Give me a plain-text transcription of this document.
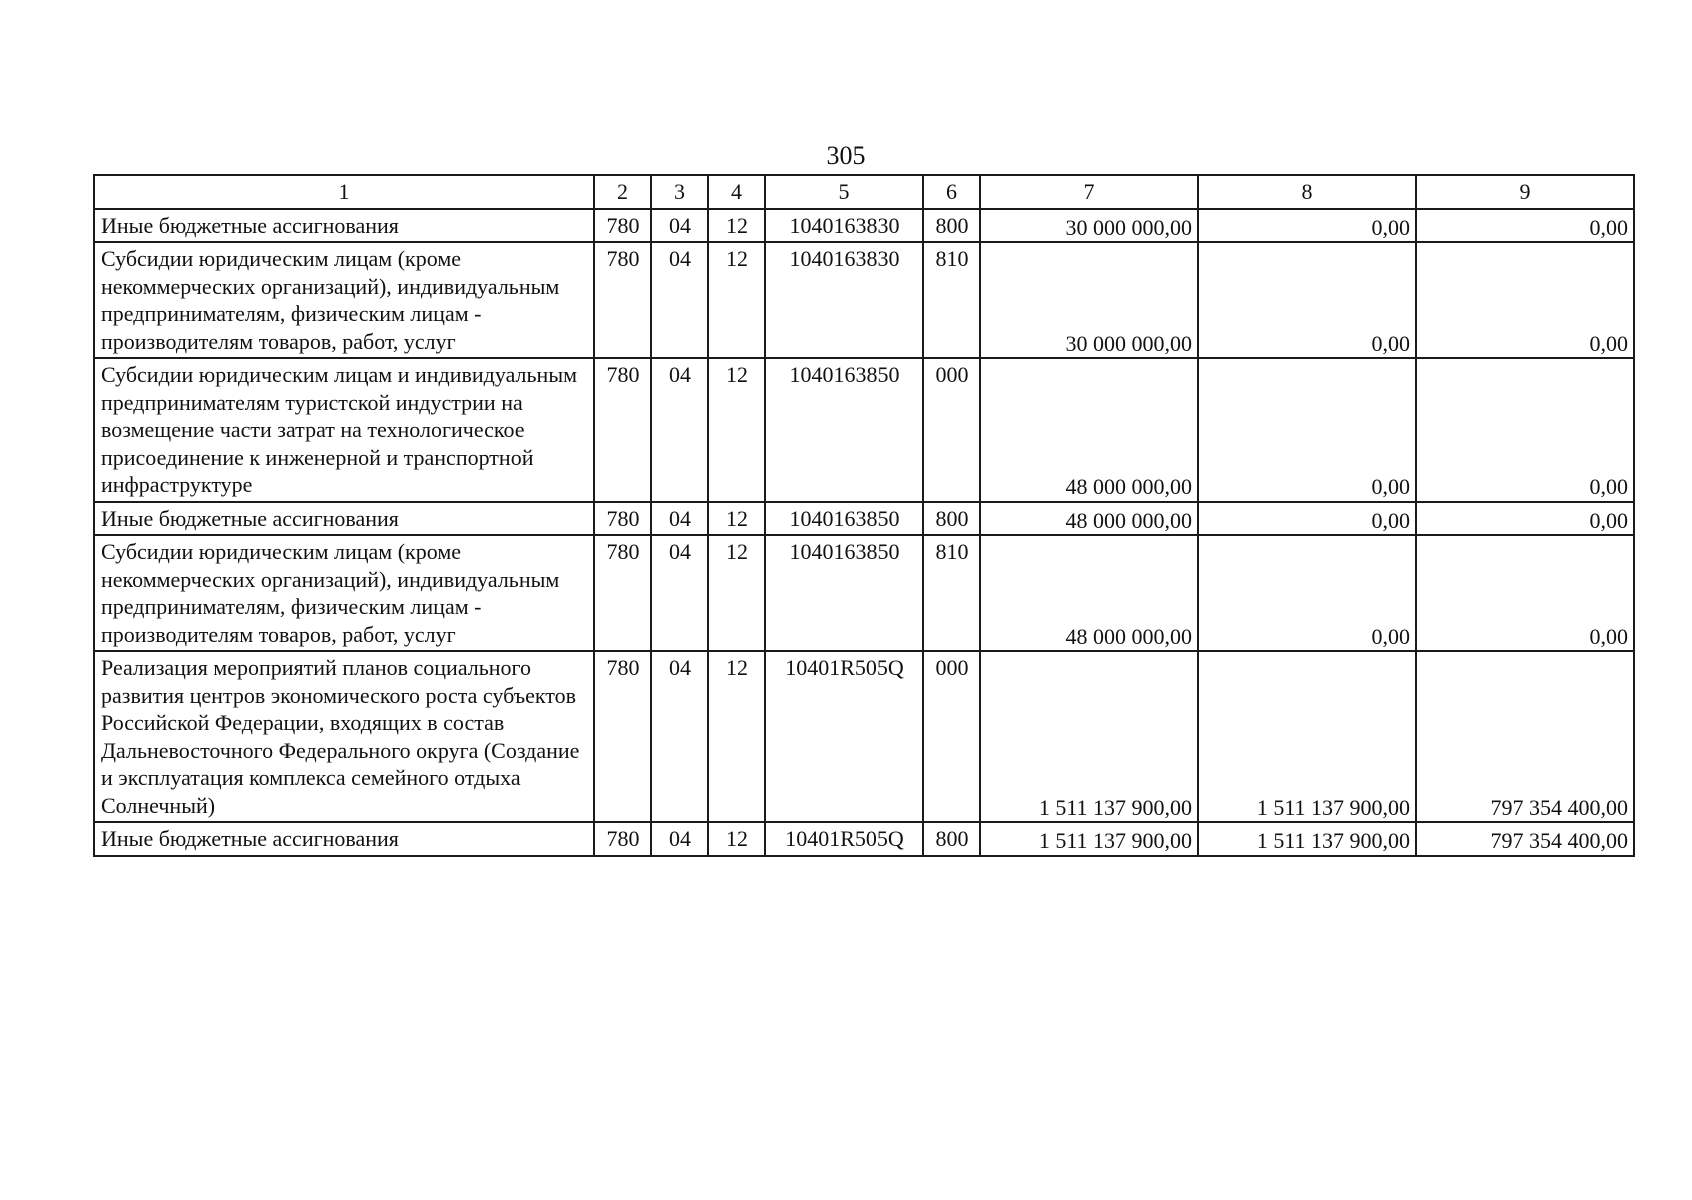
305
1	2	3	4	5	6	7	8	9
Иные бюджетные ассигнования	780	04	12	1040163830	800	30 000 000,00	0,00	0,00
Субсидии юридическим лицам (кроме некоммерческих организаций), индивидуальным предпринимателям, физическим лицам - производителям товаров, работ, услуг	780	04	12	1040163830	810	30 000 000,00	0,00	0,00
Субсидии юридическим лицам и индивидуальным предпринимателям туристской индустрии на возмещение части затрат на технологическое присоединение к инженерной и транспортной инфраструктуре	780	04	12	1040163850	000	48 000 000,00	0,00	0,00
Иные бюджетные ассигнования	780	04	12	1040163850	800	48 000 000,00	0,00	0,00
Субсидии юридическим лицам (кроме некоммерческих организаций), индивидуальным предпринимателям, физическим лицам - производителям товаров, работ, услуг	780	04	12	1040163850	810	48 000 000,00	0,00	0,00
Реализация мероприятий планов социального развития центров экономического роста субъектов Российской Федерации, входящих в состав Дальневосточного Федерального округа (Создание и эксплуатация комплекса семейного отдыха Солнечный)	780	04	12	10401R505Q	000	1 511 137 900,00	1 511 137 900,00	797 354 400,00
Иные бюджетные ассигнования	780	04	12	10401R505Q	800	1 511 137 900,00	1 511 137 900,00	797 354 400,00
